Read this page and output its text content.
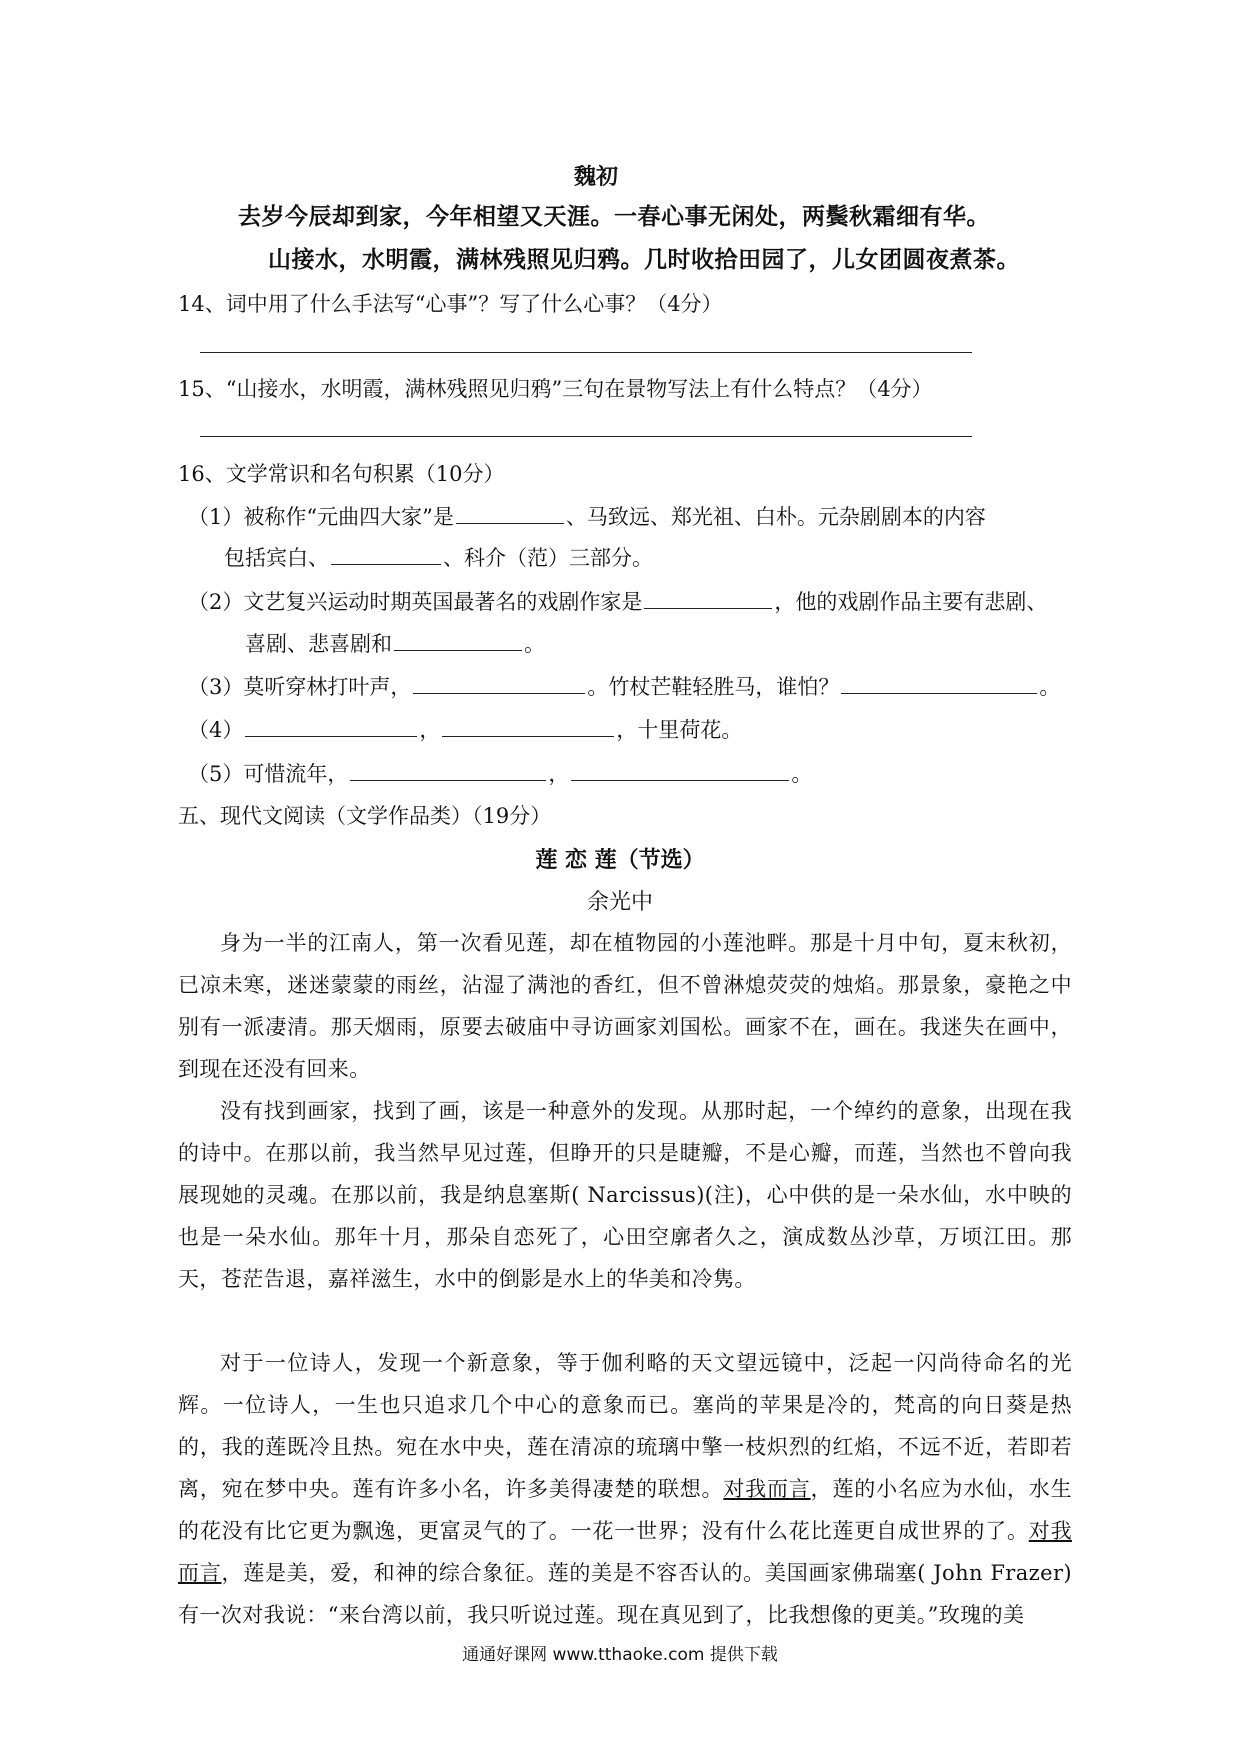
魏初
去岁今辰却到家，今年相望又天涯。一春心事无闲处，两鬓秋霜细有华。
山接水，水明霞，满林残照见归鸦。几时收拾田园了，儿女团圆夜煮茶。
14、词中用了什么手法写“心事”？写了什么心事？（4分）
15、“山接水，水明霞，满林残照见归鸦”三句在景物写法上有什么特点？（4分）
16、文学常识和名句积累（10分）
（1）被称作“元曲四大家”是	、马致远、郑光祖、白朴。元杂剧剧本的内容
包括宾白、	、科介（范）三部分。
（2）文艺复兴运动时期英国最著名的戏剧作家是	，他的戏剧作品主要有悲剧、
喜剧、悲喜剧和	。
（3）莫听穿林打叶声，	。竹杖芒鞋轻胜马，谁怕？	。
（4）	，	，十里荷花。
（5）可惜流年，	，	。
五、现代文阅读（文学作品类）（19分）
莲 恋 莲（节选）
余光中
身为一半的江南人，第一次看见莲，却在植物园的小莲池畔。那是十月中旬，夏末秋初，已凉未寒，迷迷蒙蒙的雨丝，沾湿了满池的香红，但不曾淋熄荧荧的烛焰。那景象，豪艳之中别有一派凄清。那天烟雨，原要去破庙中寻访画家刘国松。画家不在，画在。我迷失在画中，到现在还没有回来。
没有找到画家，找到了画，该是一种意外的发现。从那时起，一个绰约的意象，出现在我的诗中。在那以前，我当然早见过莲，但睁开的只是睫瓣，不是心瓣，而莲，当然也不曾向我展现她的灵魂。在那以前，我是纳息塞斯( Narcissus)(注)，心中供的是一朵水仙，水中映的也是一朵水仙。那年十月，那朵自恋死了，心田空廓者久之，演成数丛沙草，万顷江田。那天，苍茫告退，嘉祥滋生，水中的倒影是水上的华美和冷隽。
对于一位诗人，发现一个新意象，等于伽利略的天文望远镜中，泛起一闪尚待命名的光辉。一位诗人，一生也只追求几个中心的意象而已。塞尚的苹果是冷的，梵高的向日葵是热的，我的莲既冷且热。宛在水中央，莲在清凉的琉璃中擎一枝炽烈的红焰，不远不近，若即若离，宛在梦中央。莲有许多小名，许多美得凄楚的联想。对我而言，莲的小名应为水仙，水生的花没有比它更为飘逸，更富灵气的了。一花一世界；没有什么花比莲更自成世界的了。对我而言，莲是美，爱，和神的综合象征。莲的美是不容否认的。美国画家佛瑞塞( John Frazer)有一次对我说：“来台湾以前，我只听说过莲。现在真见到了，比我想像的更美。”玫瑰的美
通通好课网 www.tthaoke.com 提供下载
